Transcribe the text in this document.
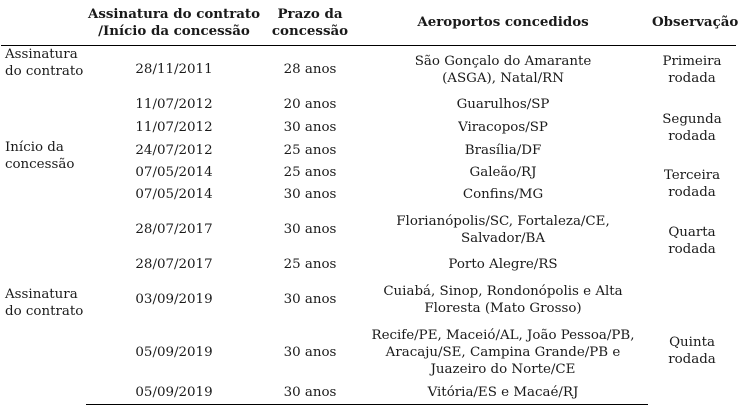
	Assinatura do contrato /Início da concessão	Prazo da concessão	Aeroportos concedidos	Observação

Assinatura do contrato	28/11/2011	28 anos	São Gonçalo do Amarante (ASGA), Natal/RN	Primeira rodada

Início da concessão	11/07/2012	20 anos	Guarulhos/SP	Segunda rodada

	11/07/2012	30 anos	Viracopos/SP	
	24/07/2012	25 anos	Brasília/DF	
	07/05/2014	25 anos	Galeão/RJ	Terceira rodada

	07/05/2014	30 anos	Confins/MG	
	28/07/2017	30 anos	Florianópolis/SC, Fortaleza/CE, Salvador/BA	Quarta rodada

	28/07/2017	25 anos	Porto Alegre/RS	

Assinatura do contrato	03/09/2019	30 anos	Cuiabá, Sinop, Rondonópolis e Alta Floresta (Mato Grosso)	Quinta rodada

	05/09/2019	30 anos	Recife/PE, Maceió/AL, João Pessoa/PB, Aracaju/SE, Campina Grande/PB e Juazeiro do Norte/CE	

	05/09/2019	30 anos	Vitória/ES e Macaé/RJ	
